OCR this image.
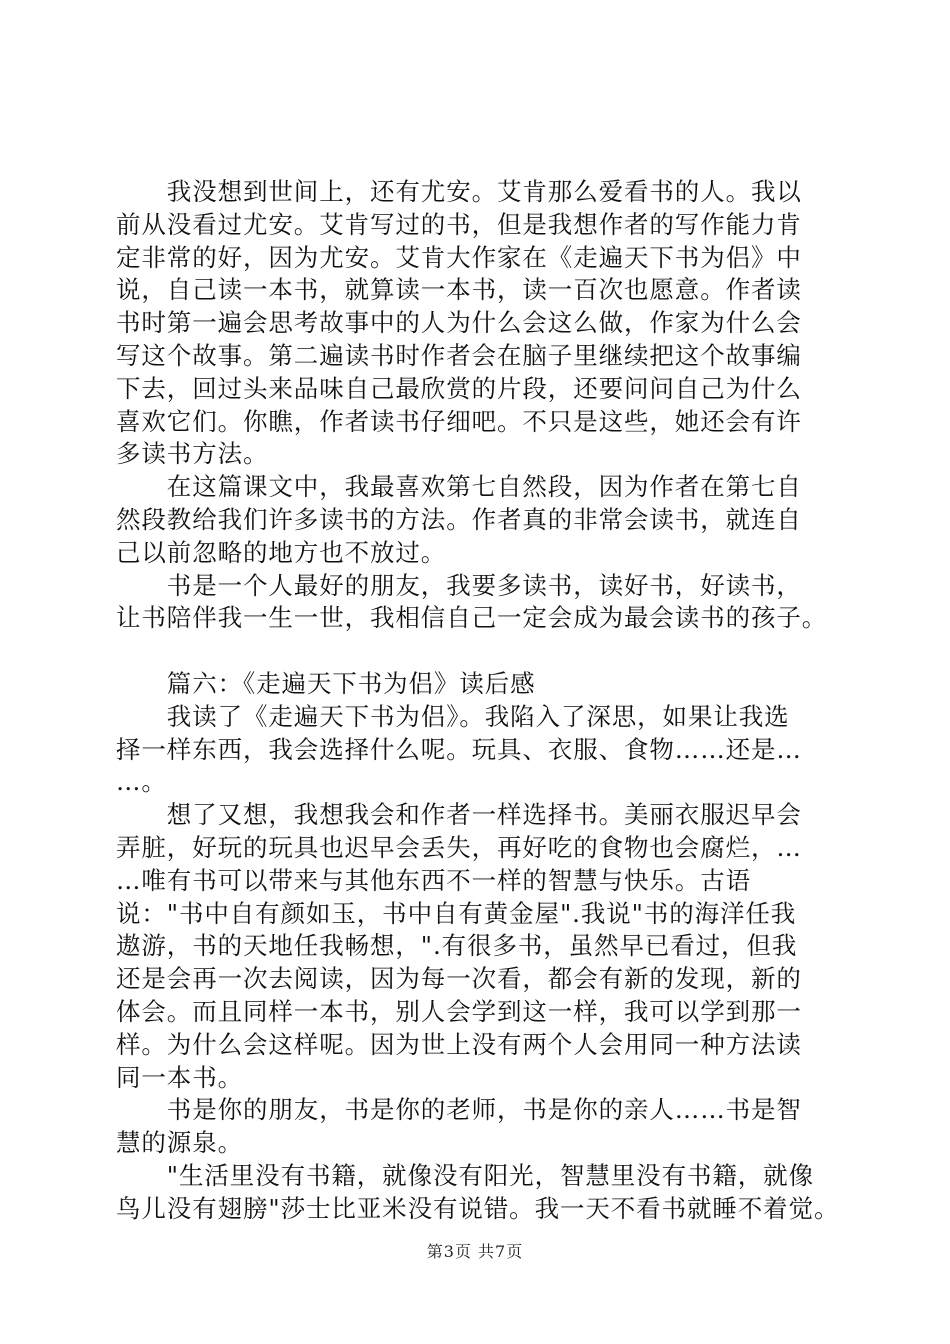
　　我没想到世间上，还有尤安。艾肯那么爱看书的人。我以
前从没看过尤安。艾肯写过的书，但是我想作者的写作能力肯
定非常的好，因为尤安。艾肯大作家在《走遍天下书为侣》中
说，自己读一本书，就算读一本书，读一百次也愿意。作者读
书时第一遍会思考故事中的人为什么会这么做，作家为什么会
写这个故事。第二遍读书时作者会在脑子里继续把这个故事编
下去，回过头来品味自己最欣赏的片段，还要问问自己为什么
喜欢它们。你瞧，作者读书仔细吧。不只是这些，她还会有许
多读书方法。
　　在这篇课文中，我最喜欢第七自然段，因为作者在第七自
然段教给我们许多读书的方法。作者真的非常会读书，就连自
己以前忽略的地方也不放过。
　　书是一个人最好的朋友，我要多读书，读好书，好读书，
让书陪伴我一生一世，我相信自己一定会成为最会读书的孩子。
　　篇六：《走遍天下书为侣》读后感
　　我读了《走遍天下书为侣》。我陷入了深思，如果让我选
择一样东西，我会选择什么呢。玩具、衣服、食物……还是…
…。
　　想了又想，我想我会和作者一样选择书。美丽衣服迟早会
弄脏，好玩的玩具也迟早会丢失，再好吃的食物也会腐烂，…
…唯有书可以带来与其他东西不一样的智慧与快乐。古语
说："书中自有颜如玉，书中自有黄金屋".我说"书的海洋任我
遨游，书的天地任我畅想，".有很多书，虽然早已看过，但我
还是会再一次去阅读，因为每一次看，都会有新的发现，新的
体会。而且同样一本书，别人会学到这一样，我可以学到那一
样。为什么会这样呢。因为世上没有两个人会用同一种方法读
同一本书。
　　书是你的朋友，书是你的老师，书是你的亲人……书是智
慧的源泉。
　　"生活里没有书籍，就像没有阳光，智慧里没有书籍，就像
鸟儿没有翅膀"莎士比亚米没有说错。我一天不看书就睡不着觉。
第3页 共7页
